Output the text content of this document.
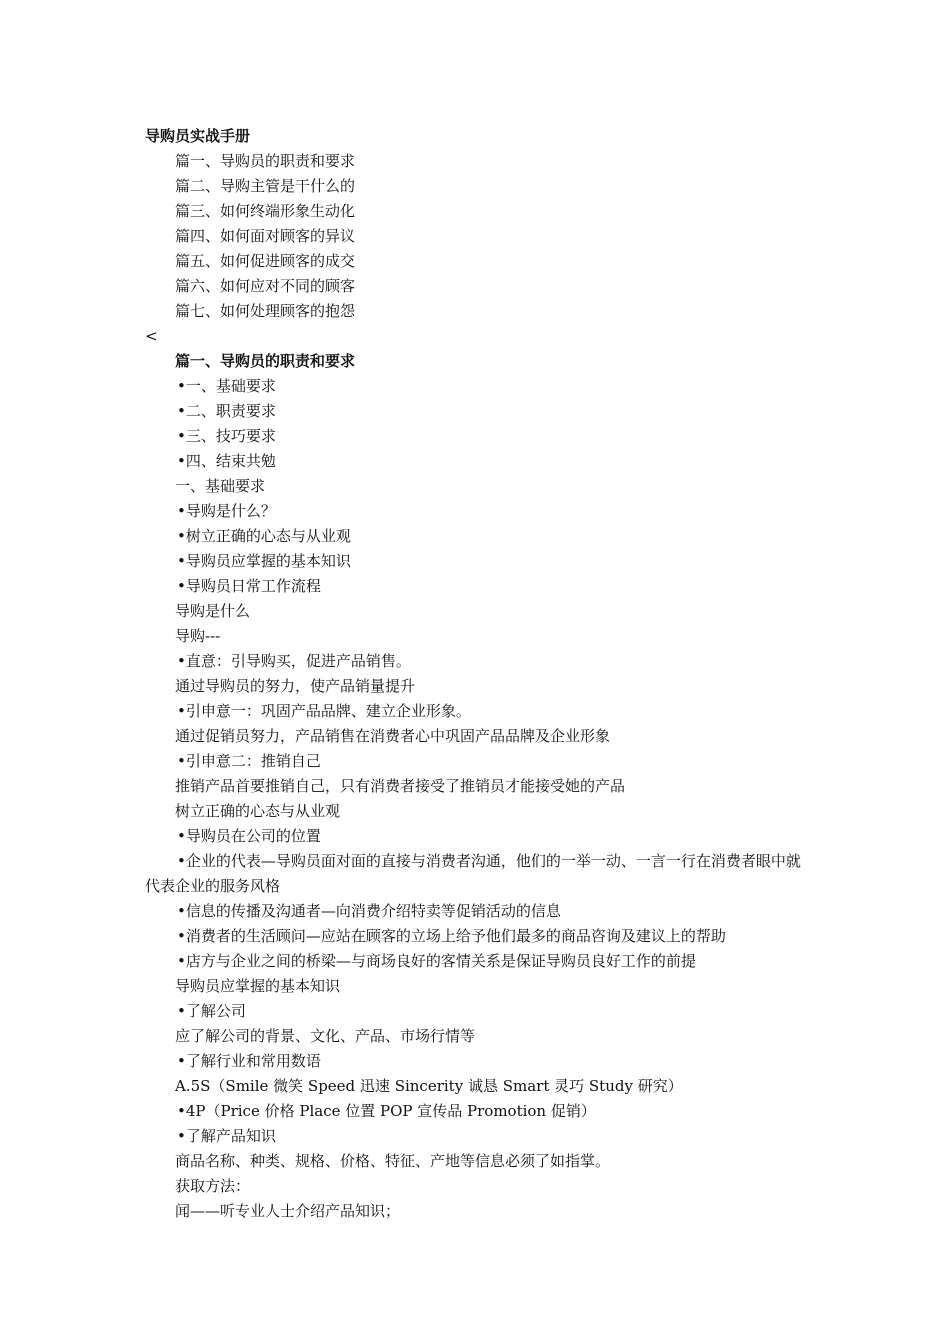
导购员实战手册
篇一、导购员的职责和要求
篇二、导购主管是干什么的
篇三、如何终端形象生动化
篇四、如何面对顾客的异议
篇五、如何促进顾客的成交
篇六、如何应对不同的顾客
篇七、如何处理顾客的抱怨
<
篇一、导购员的职责和要求
•一、基础要求
•二、职责要求
•三、技巧要求
•四、结束共勉
一、基础要求
•导购是什么？
•树立正确的心态与从业观
•导购员应掌握的基本知识
•导购员日常工作流程
导购是什么
导购---
•直意：引导购买，促进产品销售。
通过导购员的努力，使产品销量提升
•引申意一：巩固产品品牌、建立企业形象。
通过促销员努力，产品销售在消费者心中巩固产品品牌及企业形象
•引申意二：推销自己
推销产品首要推销自己，只有消费者接受了推销员才能接受她的产品
树立正确的心态与从业观
•导购员在公司的位置
•企业的代表—导购员面对面的直接与消费者沟通，他们的一举一动、一言一行在消费者眼中就代表企业的服务风格
•信息的传播及沟通者—向消费介绍特卖等促销活动的信息
•消费者的生活顾问—应站在顾客的立场上给予他们最多的商品咨询及建议上的帮助
•店方与企业之间的桥梁—与商场良好的客情关系是保证导购员良好工作的前提
导购员应掌握的基本知识
•了解公司
应了解公司的背景、文化、产品、市场行情等
•了解行业和常用数语
A.5S（Smile 微笑 Speed 迅速 Sincerity 诚恳 Smart 灵巧 Study 研究）
•4P（Price 价格 Place 位置 POP 宣传品 Promotion 促销）
•了解产品知识
商品名称、种类、规格、价格、特征、产地等信息必须了如指掌。
获取方法：
闻——听专业人士介绍产品知识；
